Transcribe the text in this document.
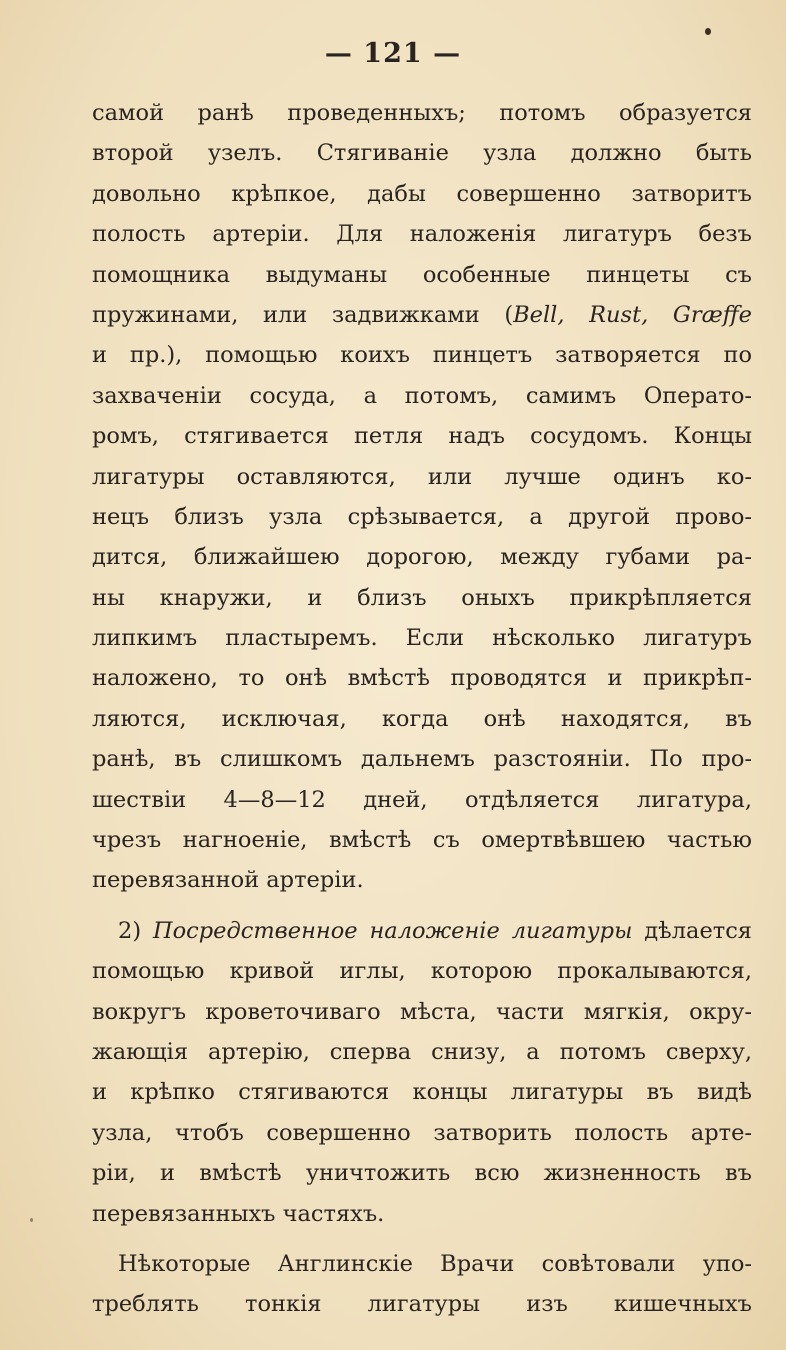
— 121 —
самой ранѣ проведенныхъ; потомъ образуется
второй узелъ. Стягиванie узла должно быть
довольно крѣпкое, дабы совершенно затворитъ
полость артерiи. Для наложенiя лигатуръ безъ
помощника выдуманы особенные пинцеты съ
пружинами, или задвижками (Bell, Rust, Græffe
и пр.), помощью коихъ пинцетъ затворяется по
захваченiи сосуда, а потомъ, самимъ Операто-
ромъ, стягивается петля надъ сосудомъ. Концы
лигатуры оставляются, или лучше одинъ ко-
нецъ близъ узла срѣзывается, а другой прово-
дится, ближайшею дорогою, между губами ра-
ны кнаружи, и близъ оныхъ прикрѣпляется
липкимъ пластыремъ. Если нѣсколько лигатуръ
наложено, то онѣ вмѣстѣ проводятся и прикрѣп-
ляются, исключая, когда онѣ находятся, въ
ранѣ, въ слишкомъ дальнемъ разстоянiи. По про-
шествiи 4—8—12 дней, отдѣляется лигатура,
чрезъ нагноенie, вмѣстѣ съ омертвѣвшею частью
перевязанной артерiи.
2) Посредственное наложенie лигатуры дѣлается
помощью кривой иглы, которою прокалываются,
вокругъ кроветочиваго мѣста, части мягкiя, окру-
жающiя артерiю, сперва снизу, а потомъ сверху,
и крѣпко стягиваются концы лигатуры въ видѣ
узла, чтобъ совершенно затворить полость арте-
рiи, и вмѣстѣ уничтожить всю жизненность въ
перевязанныхъ частяхъ.
Нѣкоторые Англинскie Врачи совѣтовали упо-
треблять тонкiя лигатуры изъ кишечныхъ
